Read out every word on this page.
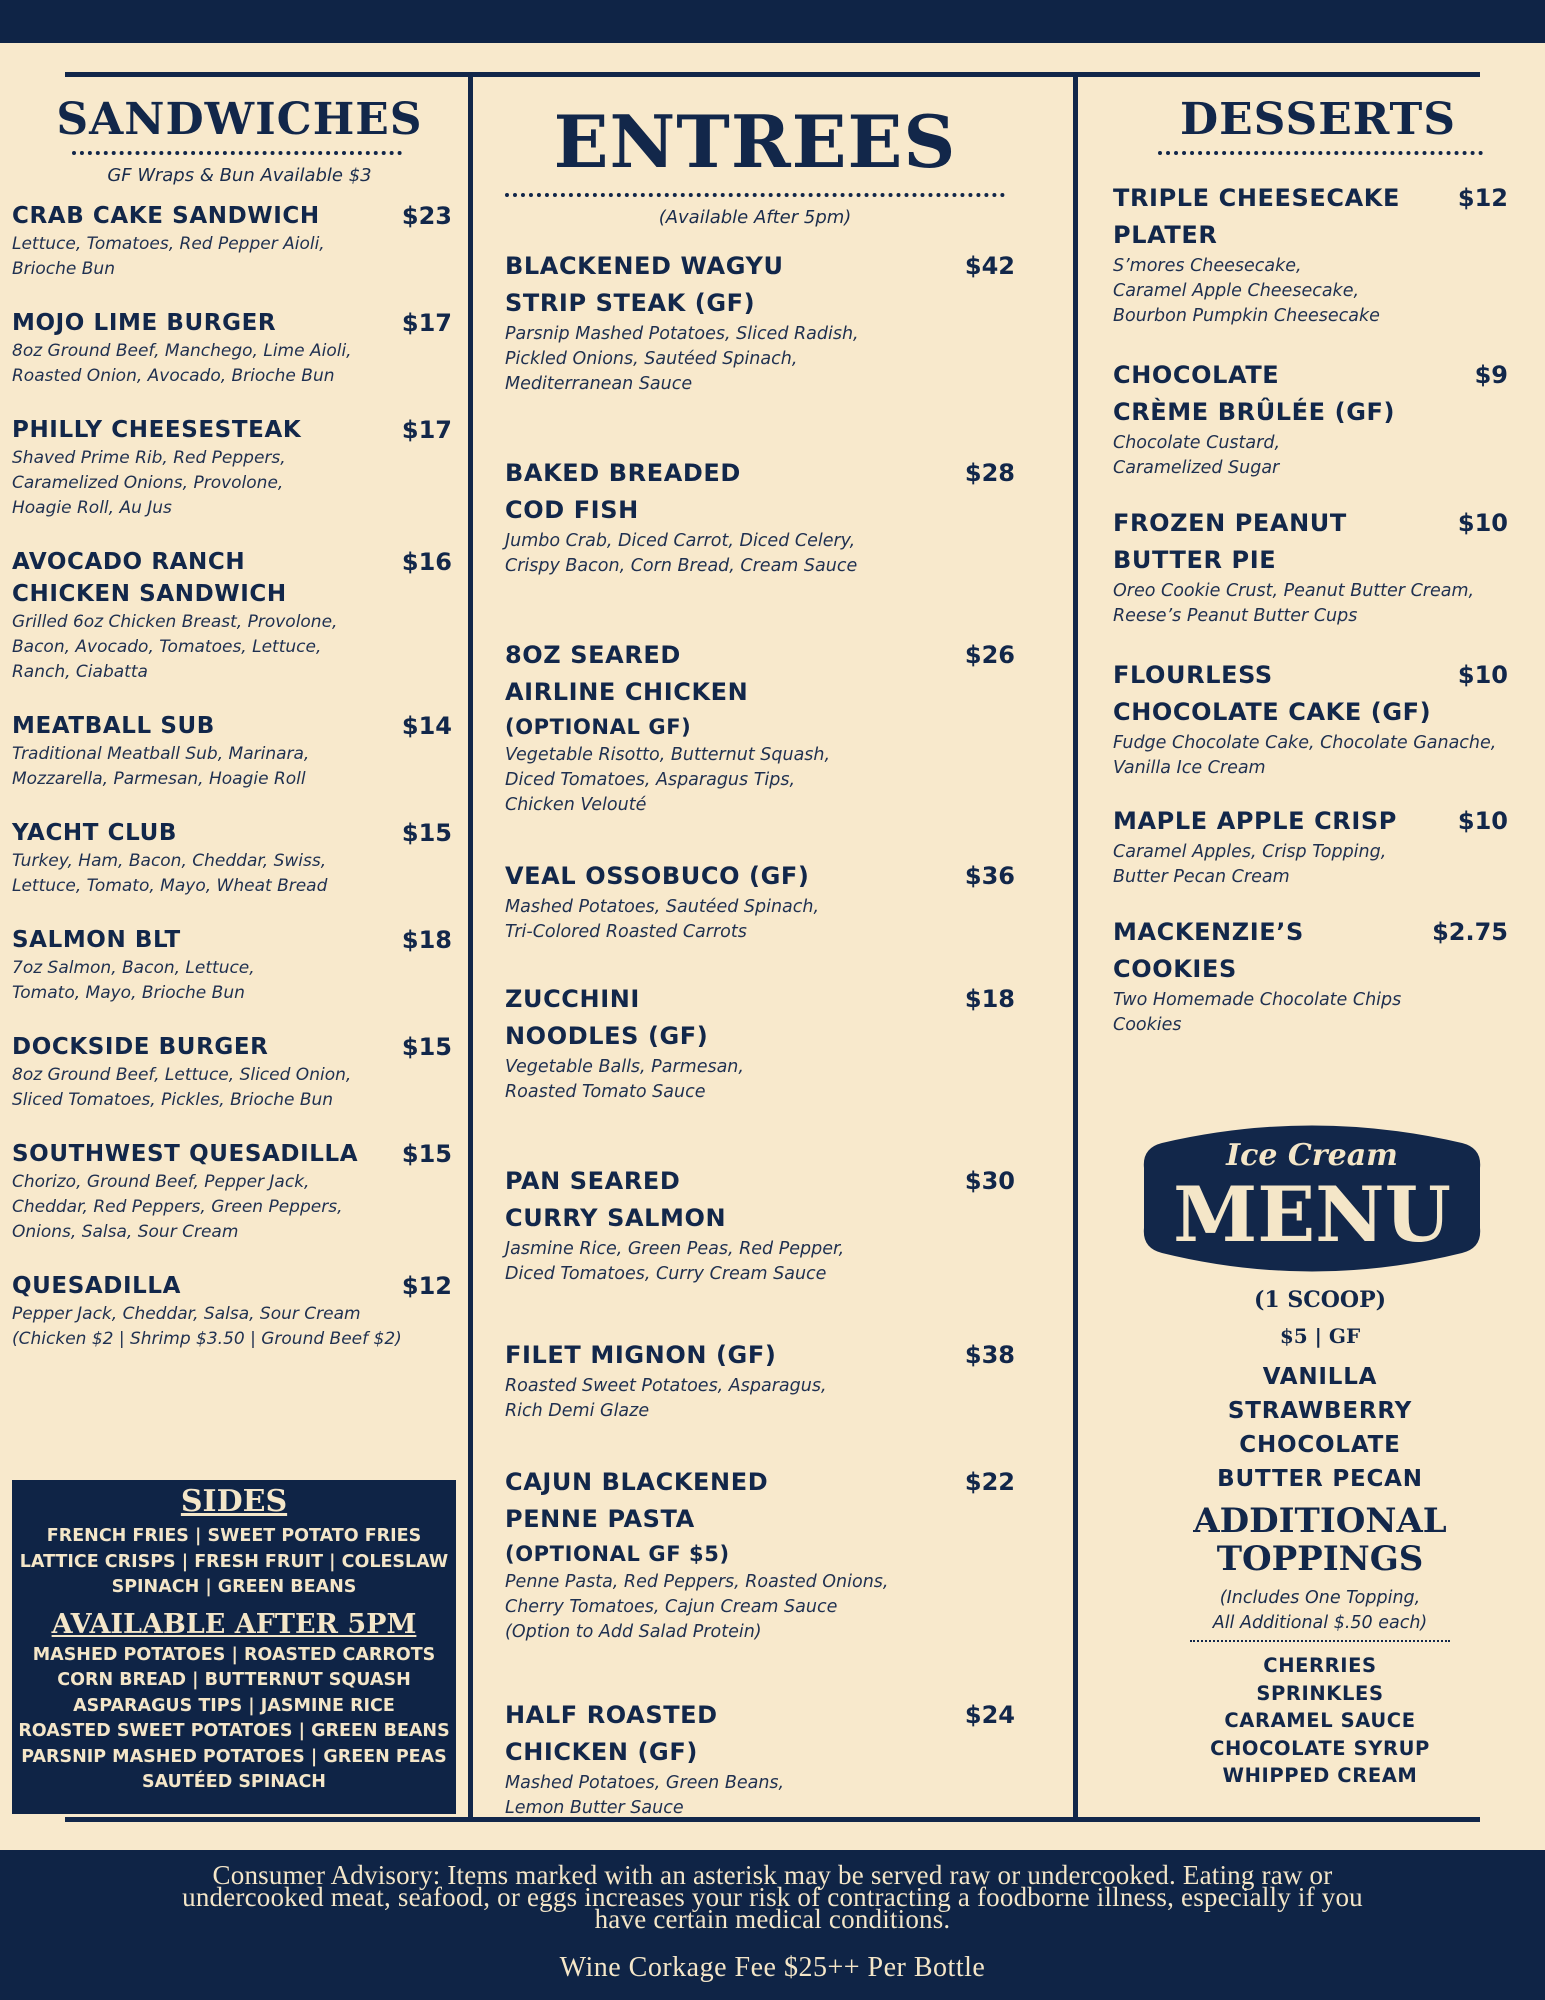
SANDWICHES
GF Wraps & Bun Available $3
$23
CRAB CAKE SANDWICH
Lettuce, Tomatoes, Red Pepper Aioli,
Brioche Bun
$17
MOJO LIME BURGER
8oz Ground Beef, Manchego, Lime Aioli,
Roasted Onion, Avocado, Brioche Bun
$17
PHILLY CHEESESTEAK
Shaved Prime Rib, Red Peppers,
Caramelized Onions, Provolone,
Hoagie Roll, Au Jus
$16
AVOCADO RANCH
CHICKEN SANDWICH
Grilled 6oz Chicken Breast, Provolone,
Bacon, Avocado, Tomatoes, Lettuce,
Ranch, Ciabatta
$14
MEATBALL SUB
Traditional Meatball Sub, Marinara,
Mozzarella, Parmesan, Hoagie Roll
$15
YACHT CLUB
Turkey, Ham, Bacon, Cheddar, Swiss,
Lettuce, Tomato, Mayo, Wheat Bread
$18
SALMON BLT
7oz Salmon, Bacon, Lettuce,
Tomato, Mayo, Brioche Bun
$15
DOCKSIDE BURGER
8oz Ground Beef, Lettuce, Sliced Onion,
Sliced Tomatoes, Pickles, Brioche Bun
$15
SOUTHWEST QUESADILLA
Chorizo, Ground Beef, Pepper Jack,
Cheddar, Red Peppers, Green Peppers,
Onions, Salsa, Sour Cream
$12
QUESADILLA
Pepper Jack, Cheddar, Salsa, Sour Cream
(Chicken $2 | Shrimp $3.50 | Ground Beef $2)
SIDES
FRENCH FRIES | SWEET POTATO FRIES
LATTICE CRISPS | FRESH FRUIT | COLESLAW
SPINACH | GREEN BEANS
AVAILABLE AFTER 5PM
MASHED POTATOES | ROASTED CARROTS
CORN BREAD | BUTTERNUT SQUASH
ASPARAGUS TIPS | JASMINE RICE
ROASTED SWEET POTATOES | GREEN BEANS
PARSNIP MASHED POTATOES | GREEN PEAS
SAUTÉED SPINACH
ENTREES
(Available After 5pm)
$42
BLACKENED WAGYU
STRIP STEAK (GF)
Parsnip Mashed Potatoes, Sliced Radish,
Pickled Onions, Sautéed Spinach,
Mediterranean Sauce
$28
BAKED BREADED
COD FISH
Jumbo Crab, Diced Carrot, Diced Celery,
Crispy Bacon, Corn Bread, Cream Sauce
$26
8OZ SEARED
AIRLINE CHICKEN
(OPTIONAL GF)
Vegetable Risotto, Butternut Squash,
Diced Tomatoes, Asparagus Tips,
Chicken Velouté
$36
VEAL OSSOBUCO (GF)
Mashed Potatoes, Sautéed Spinach,
Tri-Colored Roasted Carrots
$18
ZUCCHINI
NOODLES (GF)
Vegetable Balls, Parmesan,
Roasted Tomato Sauce
$30
PAN SEARED
CURRY SALMON
Jasmine Rice, Green Peas, Red Pepper,
Diced Tomatoes, Curry Cream Sauce
$38
FILET MIGNON (GF)
Roasted Sweet Potatoes, Asparagus,
Rich Demi Glaze
$22
CAJUN BLACKENED
PENNE PASTA
(OPTIONAL GF $5)
Penne Pasta, Red Peppers, Roasted Onions,
Cherry Tomatoes, Cajun Cream Sauce
(Option to Add Salad Protein)
$24
HALF ROASTED
CHICKEN (GF)
Mashed Potatoes, Green Beans,
Lemon Butter Sauce
DESSERTS
$12
TRIPLE CHEESECAKE
PLATER
S’mores Cheesecake,
Caramel Apple Cheesecake,
Bourbon Pumpkin Cheesecake
$9
CHOCOLATE
CRÈME BRÛLÉE (GF)
Chocolate Custard,
Caramelized Sugar
$10
FROZEN PEANUT
BUTTER PIE
Oreo Cookie Crust, Peanut Butter Cream,
Reese’s Peanut Butter Cups
$10
FLOURLESS
CHOCOLATE CAKE (GF)
Fudge Chocolate Cake, Chocolate Ganache,
Vanilla Ice Cream
$10
MAPLE APPLE CRISP
Caramel Apples, Crisp Topping,
Butter Pecan Cream
$2.75
MACKENZIE’S
COOKIES
Two Homemade Chocolate Chips
Cookies
Ice Cream
MENU
(1 SCOOP)
$5 | GF
VANILLA
STRAWBERRY
CHOCOLATE
BUTTER PECAN
ADDITIONAL
TOPPINGS
(Includes One Topping,
All Additional $.50 each)
CHERRIES
SPRINKLES
CARAMEL SAUCE
CHOCOLATE SYRUP
WHIPPED CREAM
Consumer Advisory: Items marked with an asterisk may be served raw or undercooked. Eating raw or
undercooked meat, seafood, or eggs increases your risk of contracting a foodborne illness, especially if you
have certain medical conditions.
Wine Corkage Fee $25++ Per Bottle
